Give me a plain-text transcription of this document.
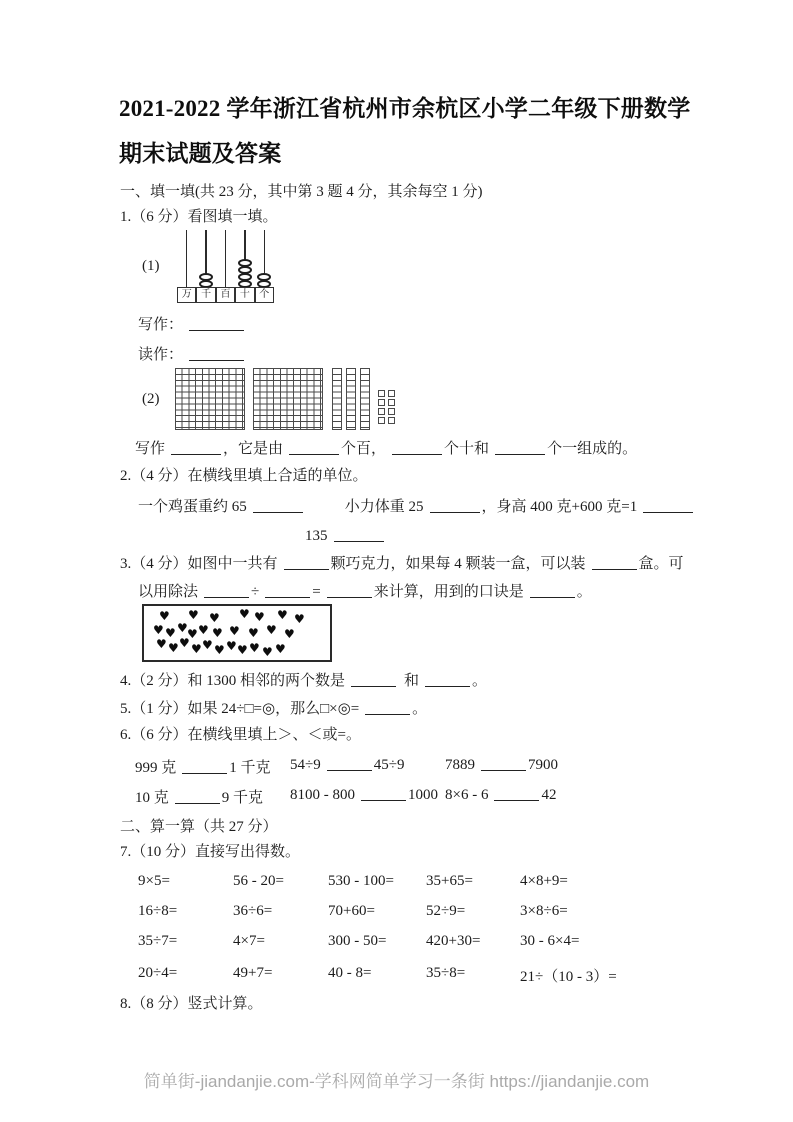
2021-2022 学年浙江省杭州市余杭区小学二年级下册数学期末试题及答案
一、填一填(共 23 分，其中第 3 题 4 分，其余每空 1 分)
1.（6 分）看图填一填。
(1)
万 千 百 十 个
写作：
读作：
(2)
写作	，它是由	个百，	个十和	个一组成的。
2.（4 分）在横线里填上合适的单位。
一个鸡蛋重约 65	小力体重 25	，身高 400 克+600 克=1
135
3.（4 分）如图中一共有	颗巧克力，如果每 4 颗装一盒，可以装	盒。可
以用除法	÷	=	来计算，用到的口诀是	。
♥ ♥ ♥ ♥ ♥ ♥ ♥
♥ ♥ ♥ ♥ ♥ ♥ ♥ ♥ ♥ ♥
♥ ♥ ♥ ♥ ♥ ♥ ♥ ♥ ♥ ♥ ♥
4.（2 分）和 1300 相邻的两个数是	和	。
5.（1 分）如果 24÷□=◎，那么□×◎=	。
6.（6 分）在横线里填上＞、＜或=。
999 克	1 千克 54÷9	45÷9	7889	7900
10 克	9 千克 8100 - 800	1000 8×6 - 6	42
二、算一算（共 27 分）
7.（10 分）直接写出得数。
9×5=	56 - 20=	530 - 100= 35+65=	4×8+9=
16÷8=	36÷6=	70+60=	52÷9=	3×8÷6=
35÷7=	4×7=	300 - 50=	420+30=	30 - 6×4=
20÷4=	49+7=	40 - 8=	35÷8=	21÷（10 - 3）=
8.（8 分）竖式计算。
简单街-jiandanjie.com-学科网简单学习一条街 https://jiandanjie.com
